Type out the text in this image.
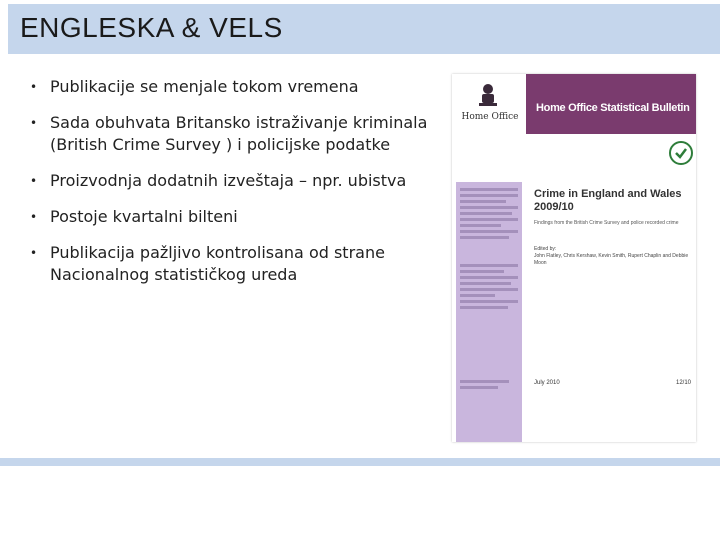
ENGLESKA & VELS
• Publikacije se menjale tokom vremena
• Sada obuhvata Britansko istraživanje kriminala (British Crime Survey ) i policijske podatke
• Proizvodnja dodatnih izveštaja – npr. ubistva
• Postoje kvartalni bilteni
• Publikacija pažljivo kontrolisana od strane Nacionalnog statističkog ureda
Home Office
Home Office Statistical Bulletin
Crime in England and Wales 2009/10
Findings from the British Crime Survey and police recorded crime
Edited by:
John Flatley, Chris Kershaw, Kevin Smith, Rupert Chaplin and Debbie Moon
July 2010	12/10
